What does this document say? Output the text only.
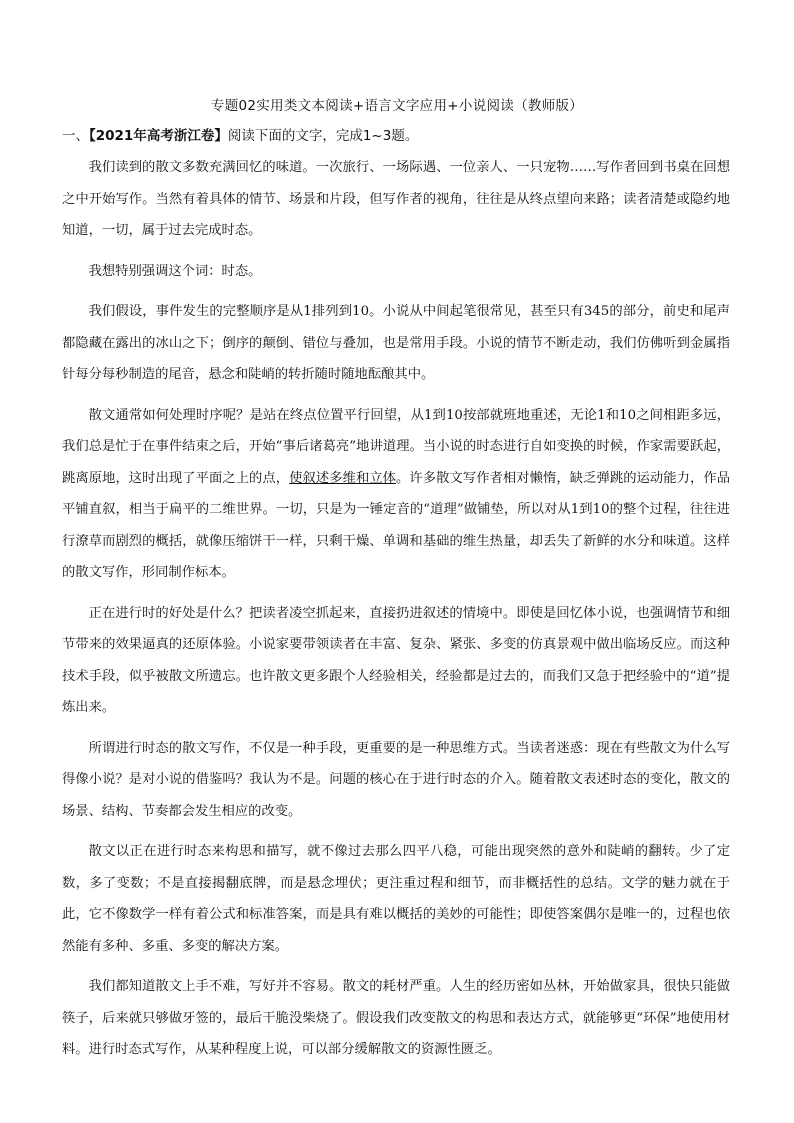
专题02实用类文本阅读+语言文字应用+小说阅读（教师版）
一、【2021年高考浙江卷】阅读下面的文字，完成1~3题。

我们读到的散文多数充满回忆的味道。一次旅行、一场际遇、一位亲人、一只宠物……写作者回到书桌在回想之中开始写作。当然有着具体的情节、场景和片段，但写作者的视角，往往是从终点望向来路；读者清楚或隐约地知道，一切，属于过去完成时态。

我想特别强调这个词：时态。

我们假设，事件发生的完整顺序是从1排列到10。小说从中间起笔很常见，甚至只有345的部分，前史和尾声都隐藏在露出的冰山之下；倒序的颠倒、错位与叠加，也是常用手段。小说的情节不断走动，我们仿佛听到金属指针每分每秒制造的尾音，悬念和陡峭的转折随时随地酝酿其中。

散文通常如何处理时序呢？是站在终点位置平行回望，从1到10按部就班地重述，无论1和10之间相距多远，我们总是忙于在事件结束之后，开始“事后诸葛亮”地讲道理。当小说的时态进行自如变换的时候，作家需要跃起，跳离原地，这时出现了平面之上的点，使叙述多维和立体。许多散文写作者相对懒惰，缺乏弹跳的运动能力，作品平铺直叙，相当于扁平的二维世界。一切，只是为一锤定音的“道理”做铺垫，所以对从1到10的整个过程，往往进行潦草而剧烈的概括，就像压缩饼干一样，只剩干燥、单调和基础的维生热量，却丢失了新鲜的水分和味道。这样的散文写作，形同制作标本。

正在进行时的好处是什么？把读者凌空抓起来，直接扔进叙述的情境中。即使是回忆体小说，也强调情节和细节带来的效果逼真的还原体验。小说家要带领读者在丰富、复杂、紧张、多变的仿真景观中做出临场反应。而这种技术手段，似乎被散文所遗忘。也许散文更多跟个人经验相关，经验都是过去的，而我们又急于把经验中的“道”提炼出来。

所谓进行时态的散文写作，不仅是一种手段，更重要的是一种思维方式。当读者迷惑：现在有些散文为什么写得像小说？是对小说的借鉴吗？我认为不是。问题的核心在于进行时态的介入。随着散文表述时态的变化，散文的场景、结构、节奏都会发生相应的改变。

散文以正在进行时态来构思和描写，就不像过去那么四平八稳，可能出现突然的意外和陡峭的翻转。少了定数，多了变数；不是直接揭翻底牌，而是悬念埋伏；更注重过程和细节，而非概括性的总结。文学的魅力就在于此，它不像数学一样有着公式和标准答案，而是具有难以概括的美妙的可能性；即使答案偶尔是唯一的，过程也依然能有多种、多重、多变的解决方案。

我们都知道散文上手不难，写好并不容易。散文的耗材严重。人生的经历密如丛林，开始做家具，很快只能做筷子，后来就只够做牙签的，最后干脆没柴烧了。假设我们改变散文的构思和表达方式，就能够更“环保”地使用材料。进行时态式写作，从某种程度上说，可以部分缓解散文的资源性匮乏。
